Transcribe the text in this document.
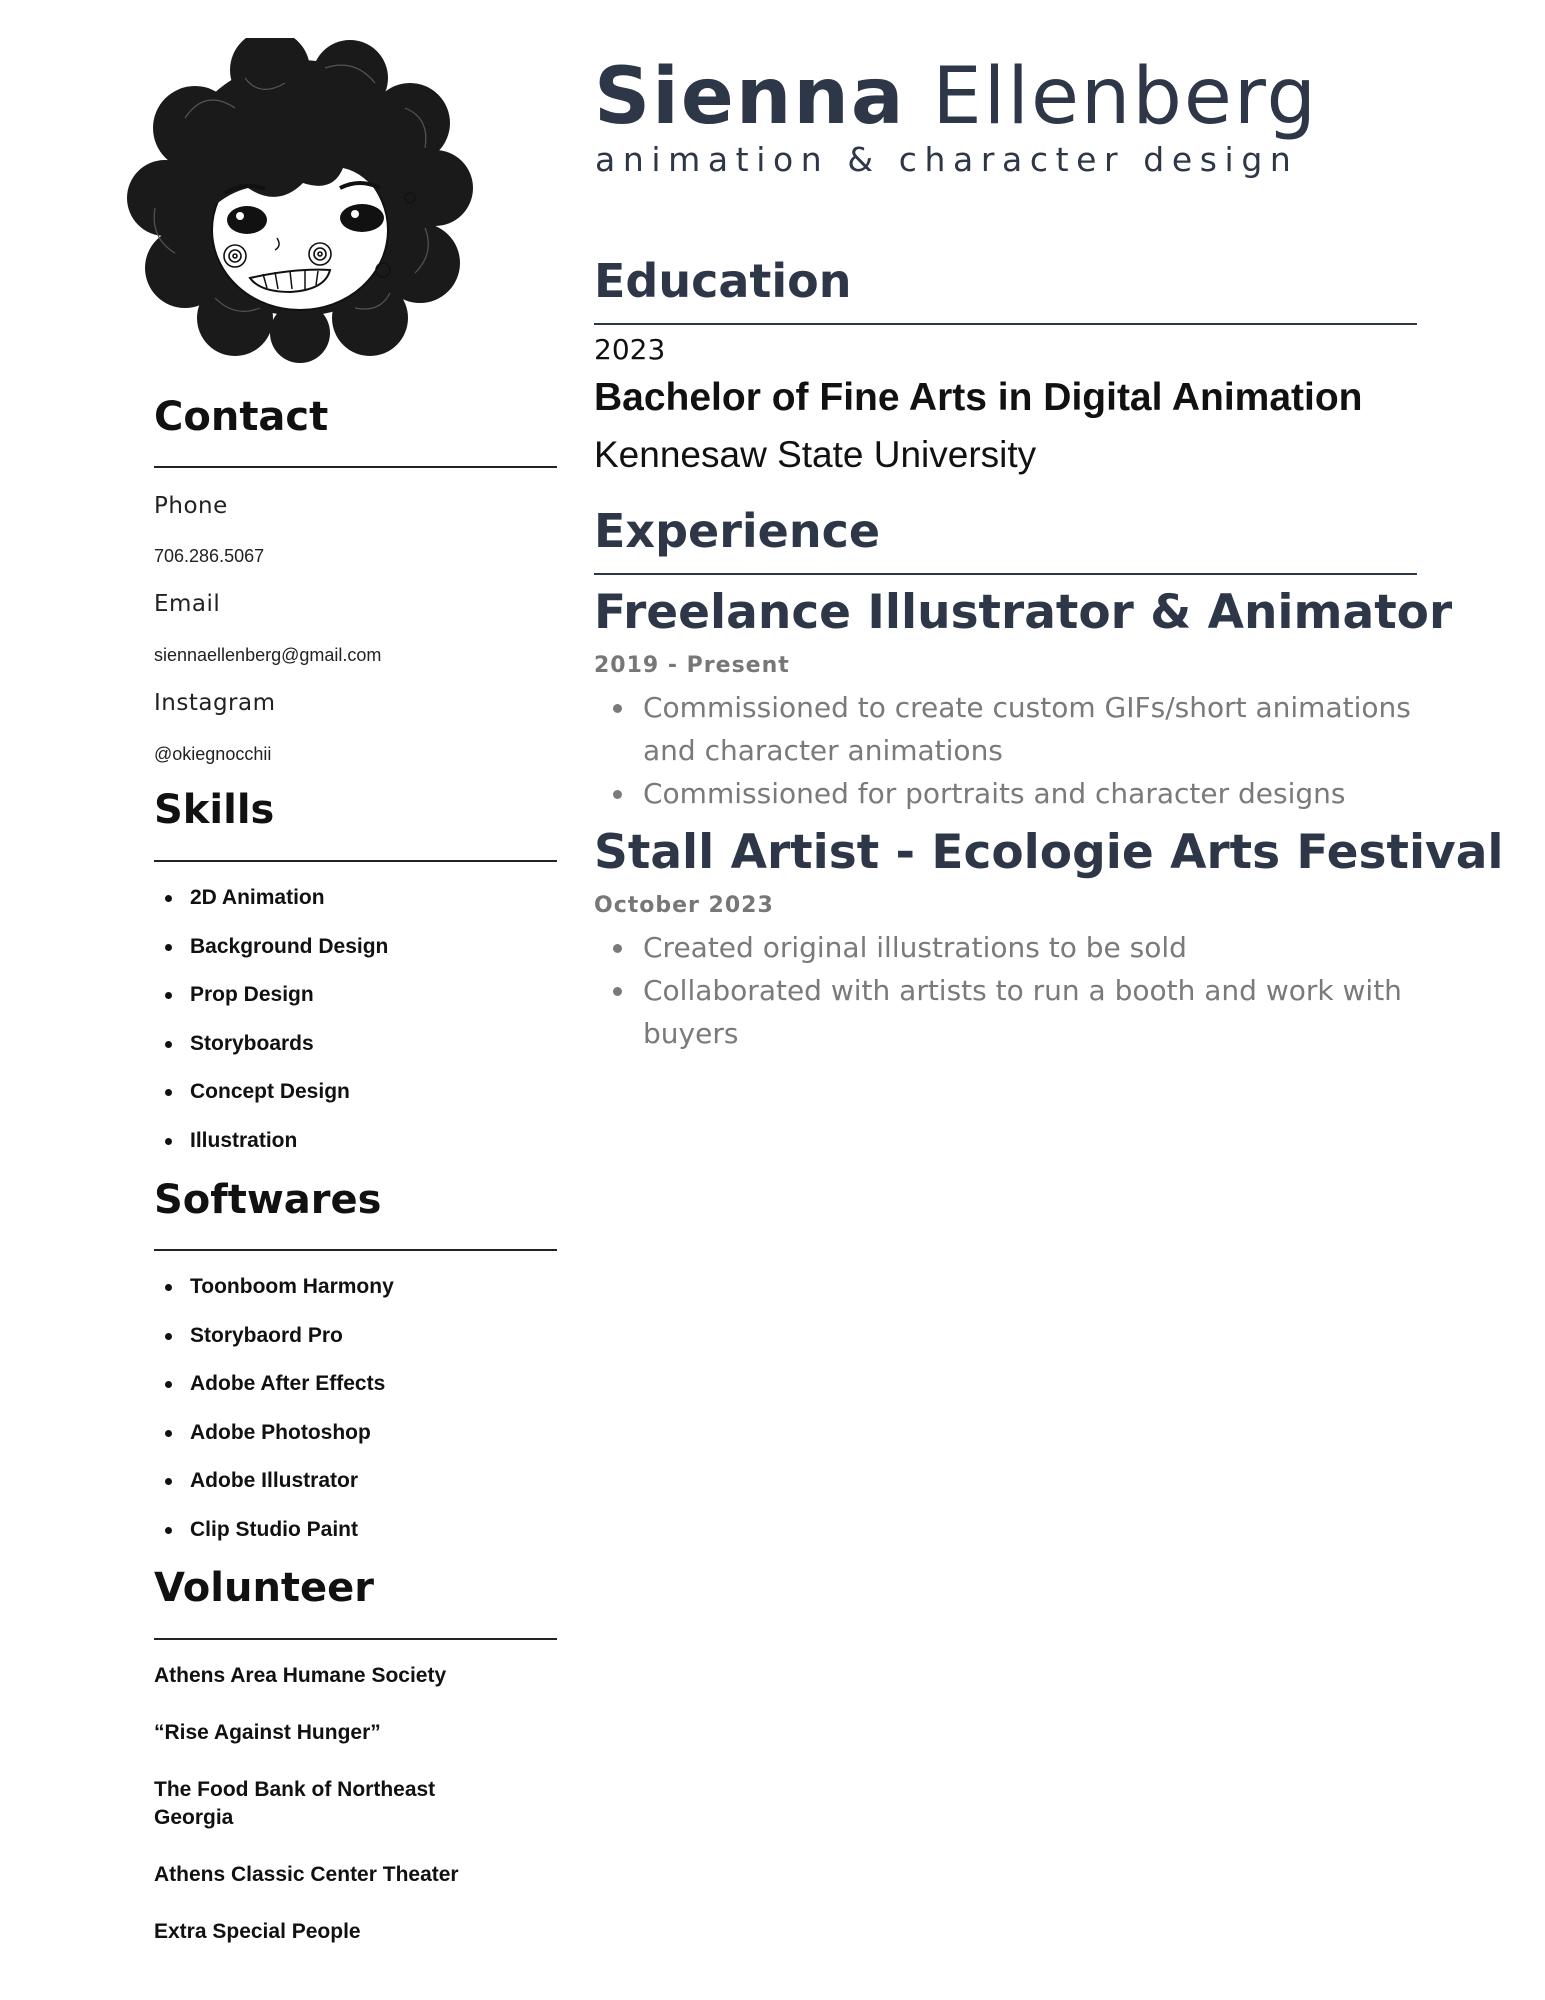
Contact
Phone
706.286.5067
Email
siennaellenberg@gmail.com
Instagram
@okiegnocchii
Skills
2D Animation
Background Design
Prop Design
Storyboards
Concept Design
Illustration
Softwares
Toonboom Harmony
Storybaord Pro
Adobe After Effects
Adobe Photoshop
Adobe Illustrator
Clip Studio Paint
Volunteer
Athens Area Humane Society
“Rise Against Hunger”
The Food Bank of Northeast Georgia
Athens Classic Center Theater
Extra Special People
Sienna Ellenberg
animation & character design
Education
2023
Bachelor of Fine Arts in Digital Animation
Kennesaw State University
Experience
Freelance Illustrator & Animator
2019 - Present
Commissioned to create custom GIFs/short animations and character animations
Commissioned for portraits and character designs
Stall Artist - Ecologie Arts Festival
October 2023
Created original illustrations to be sold
Collaborated with artists to run a booth and work with buyers
